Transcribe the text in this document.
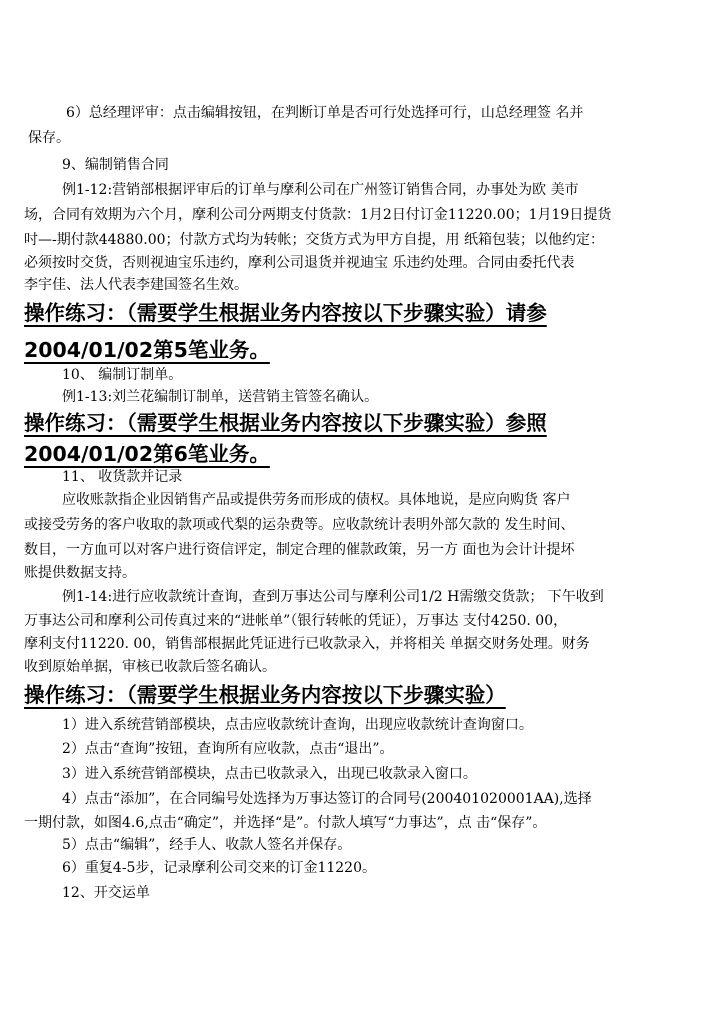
6）总经理评审：点击编辑按钮，在判断订单是否可行处选择可行，山总经理签 名并
保存。
9、编制销售合同
例1-12:营销部根据评审后的订单与摩利公司在广州签订销售合同，办事处为欧 美市
场，合同有效期为六个月，摩利公司分两期支付货款：1月2日付订金11220.00；1月19日提货
吋—-期付款44880.00；付款方式均为转帐；交货方式为甲方自提，用 纸箱包装；以他约定：
必须按时交货，否则视迪宝乐违约，摩利公司退货并视迪宝 乐违约处理。合同由委托代表
李宇佳、法人代表李建国签名生效。
操作练习：（需要学生根据业务内容按以下步骤实验）请参
2004/01/02第5笔业务。
10、 编制订制单。
例1-13:刘兰花编制订制单，送营销主管签名确认。
操作练习：（需要学生根据业务内容按以下步骤实验）参照
2004/01/02第6笔业务。
11、 收货款并记录
应收账款指企业因销售产品或提供劳务而形成的债权。具体地说，是应向购货 客户
或接受劳务的客户收取的款项或代梨的运杂费等。应收款统计表明外部欠款的 发生时间、
数目，一方血可以对客户进行资信评定，制定合理的催款政策，另一方 面也为会计计提坏
账提供数据支持。
例1-14:进行应收款统计查询，查到万事达公司与摩利公司1/2 H需缴交货款； 下午收到
万事达公司和摩利公司传真过来的“进帐单”（银行转帐的凭证），万事达 支付4250. 00，
摩利支付11220. 00，销售部根据此凭证进行已收款录入，并将相关 单据交财务处理。财务
收到原始单据，审核已收款后签名确认。
操作练习：（需要学生根据业务内容按以下步骤实验）
1）进入系统营销部模块，点击应收款统计查询，出现应收款统计查询窗口。
2）点击“查询”按钮，查询所有应收款，点击“退出”。
3）进入系统营销部模块，点击已收款录入，出现已收款录入窗口。
4）点击“添加”，在合同编号处选择为万事达签订的合同号(200401020001AA),选择
一期付款，如图4.6,点击“确定”，并选择“是”。付款人填写“力事达”，点 击“保存”。
5）点击“编辑”，经手人、收款人签名并保存。
6）重复4-5步，记录摩利公司交来的订金11220。
12、开交运单
